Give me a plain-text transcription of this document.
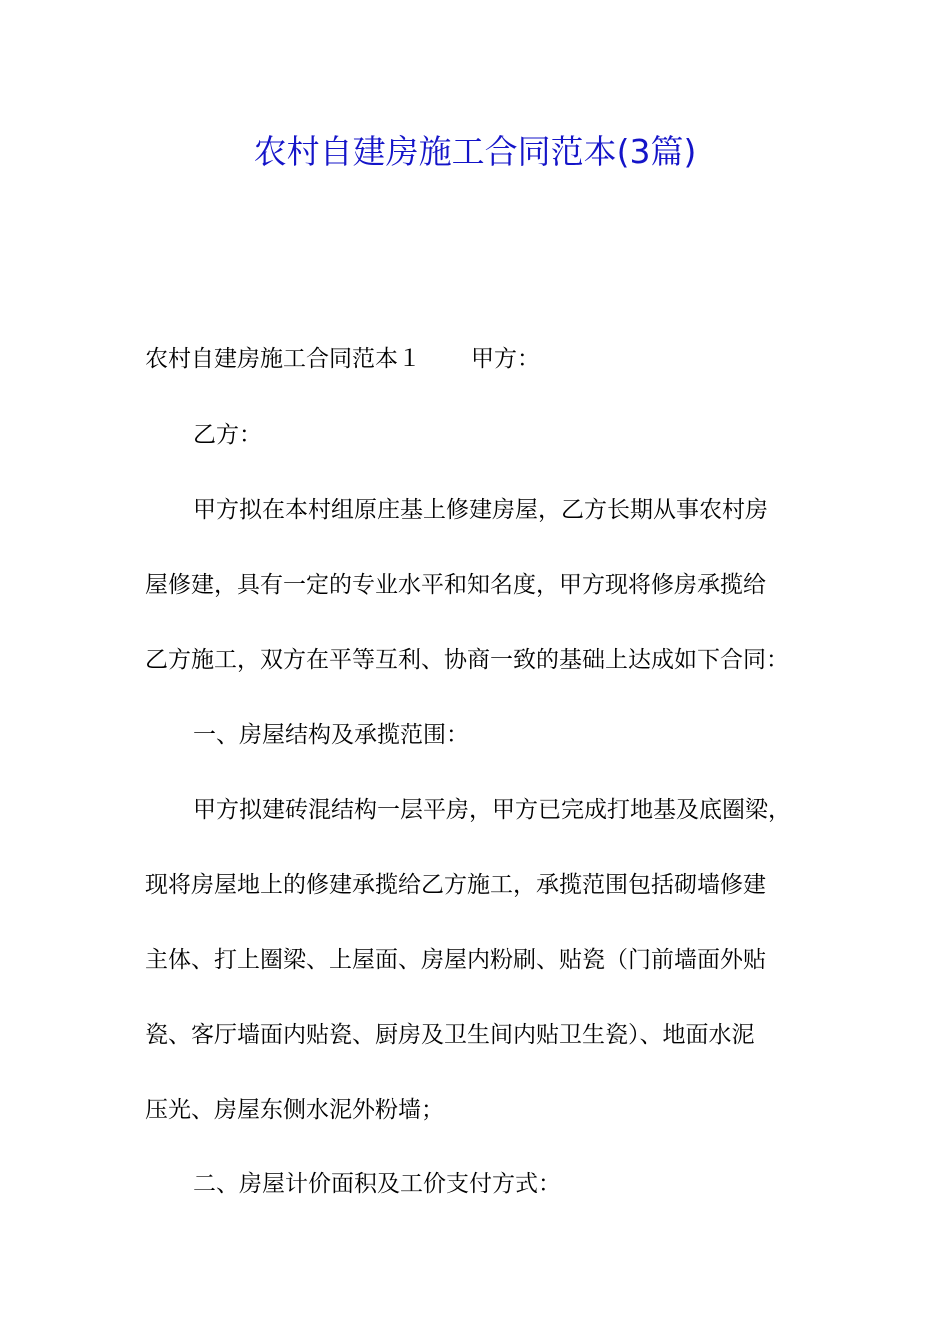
农村自建房施工合同范本(3篇)
农村自建房施工合同范本１ 甲方：
乙方：
甲方拟在本村组原庄基上修建房屋，乙方长期从事农村房
屋修建，具有一定的专业水平和知名度，甲方现将修房承揽给
乙方施工，双方在平等互利、协商一致的基础上达成如下合同：
一、房屋结构及承揽范围：
甲方拟建砖混结构一层平房，甲方已完成打地基及底圈梁，
现将房屋地上的修建承揽给乙方施工，承揽范围包括砌墙修建
主体、打上圈梁、上屋面、房屋内粉刷、贴瓷（门前墙面外贴
瓷、客厅墙面内贴瓷、厨房及卫生间内贴卫生瓷）、地面水泥
压光、房屋东侧水泥外粉墙；
二、房屋计价面积及工价支付方式：
